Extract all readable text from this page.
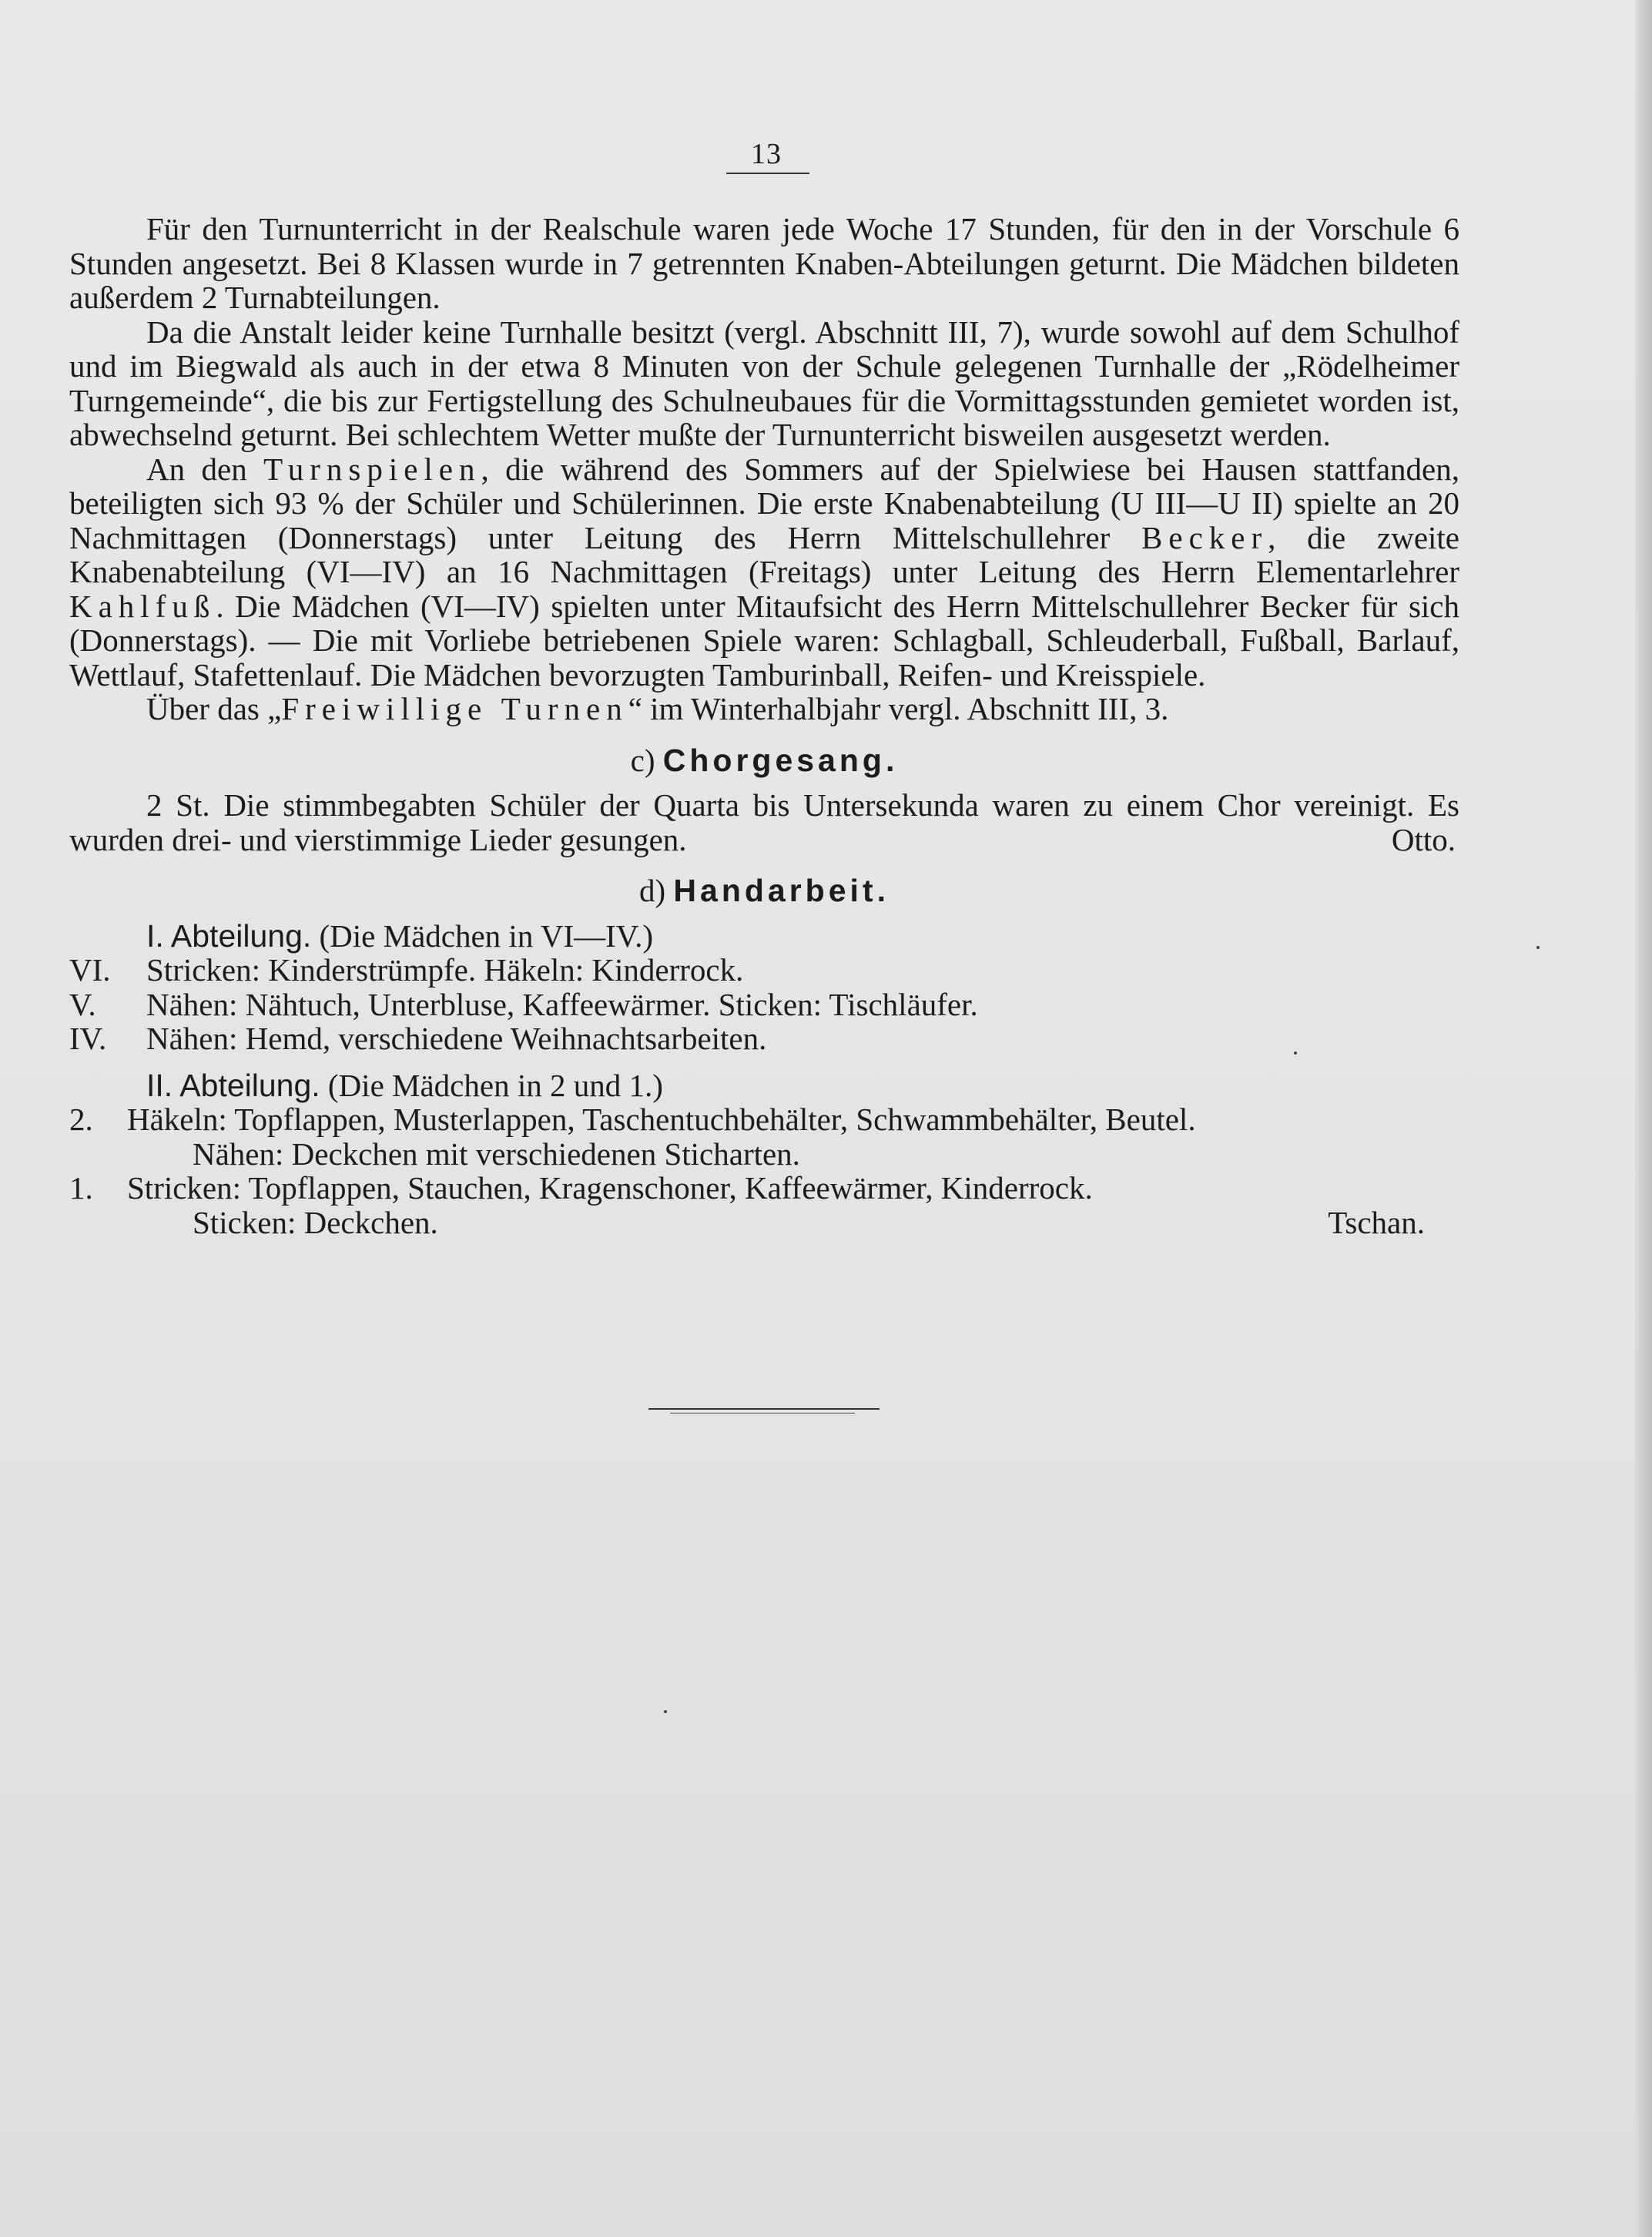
13

Für den Turnunterricht in der Realschule waren jede Woche 17 Stunden, für den in der Vorschule 6 Stunden angesetzt. Bei 8 Klassen wurde in 7 getrennten Knaben-Abteilungen geturnt. Die Mädchen bildeten außerdem 2 Turnabteilungen.

Da die Anstalt leider keine Turnhalle besitzt (vergl. Abschnitt III, 7), wurde sowohl auf dem Schulhof und im Biegwald als auch in der etwa 8 Minuten von der Schule gelegenen Turnhalle der „Rödelheimer Turngemeinde“, die bis zur Fertigstellung des Schulneubaues für die Vormittagsstunden gemietet worden ist, abwechselnd geturnt. Bei schlechtem Wetter mußte der Turnunterricht bisweilen ausgesetzt werden.

An den Turnspielen, die während des Sommers auf der Spielwiese bei Hausen stattfanden, beteiligten sich 93 % der Schüler und Schülerinnen. Die erste Knabenabteilung (U III—U II) spielte an 20 Nachmittagen (Donnerstags) unter Leitung des Herrn Mittelschullehrer Becker, die zweite Knabenabteilung (VI—IV) an 16 Nachmittagen (Freitags) unter Leitung des Herrn Elementarlehrer Kahlfuß. Die Mädchen (VI—IV) spielten unter Mitaufsicht des Herrn Mittelschullehrer Becker für sich (Donnerstags). — Die mit Vorliebe betriebenen Spiele waren: Schlagball, Schleuderball, Fußball, Barlauf, Wettlauf, Stafettenlauf. Die Mädchen bevorzugten Tamburinball, Reifen- und Kreisspiele.

Über das „Freiwillige Turnen“ im Winterhalbjahr vergl. Abschnitt III, 3.

c) Chorgesang.

2 St. Die stimmbegabten Schüler der Quarta bis Untersekunda waren zu einem Chor vereinigt. Es wurden drei- und vierstimmige Lieder gesungen.	Otto.
d) Handarbeit.
I. Abteilung. (Die Mädchen in VI—IV.)
VI.	Stricken: Kinderstrümpfe. Häkeln: Kinderrock.
V.	Nähen: Nähtuch, Unterbluse, Kaffeewärmer. Sticken: Tischläufer.
IV.	Nähen: Hemd, verschiedene Weihnachtsarbeiten.
II. Abteilung. (Die Mädchen in 2 und 1.)
2.	Häkeln: Topflappen, Musterlappen, Taschentuchbehälter, Schwammbehälter, Beutel.
Nähen: Deckchen mit verschiedenen Sticharten.
1.	Stricken: Topflappen, Stauchen, Kragenschoner, Kaffeewärmer, Kinderrock.
Sticken: Deckchen.	Tschan.
